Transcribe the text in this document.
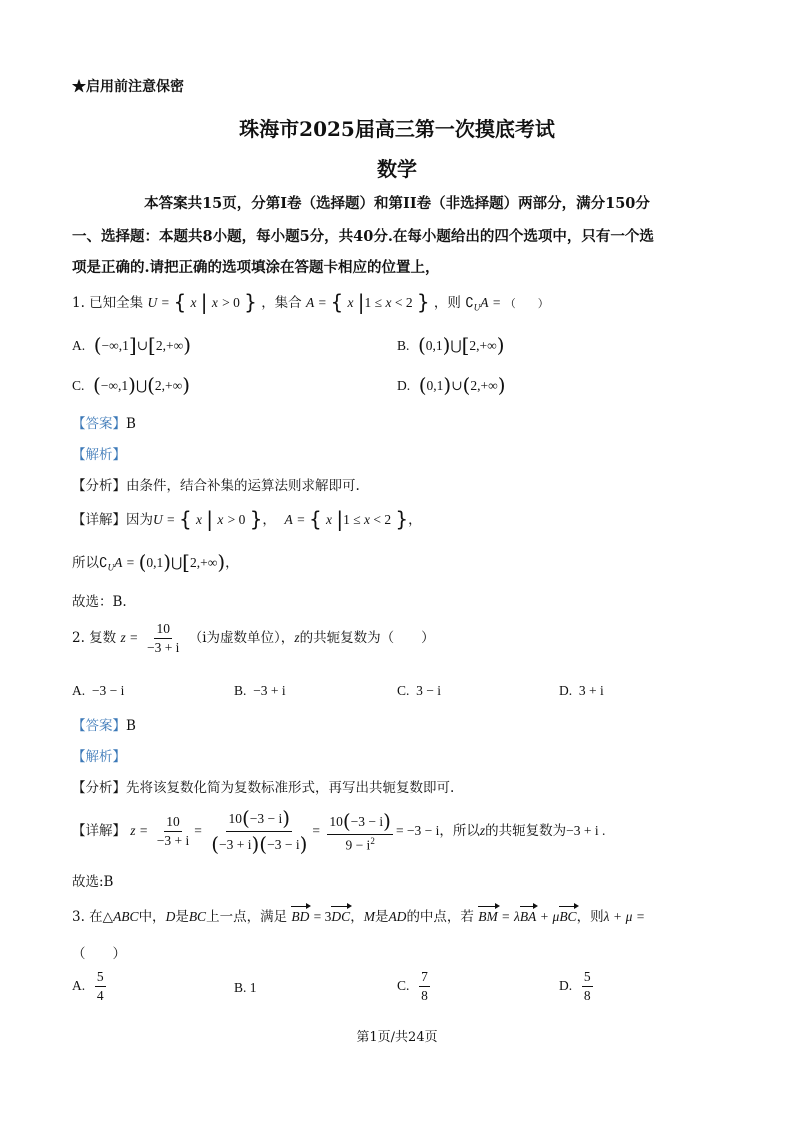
★启用前注意保密
珠海市2025届高三第一次摸底考试
数学
本答案共15页，分第I卷（选择题）和第II卷（非选择题）两部分，满分150分
一、选择题：本题共8小题，每小题5分，共40分.在每小题给出的四个选项中，只有一个选
项是正确的.请把正确的选项填涂在答题卡相应的位置上，
1. 已知全集 U = { x | x > 0 } ，集合 A = { x |1 ≤ x < 2 } ，则 $∁_UA$ = （　　）
A. (−∞,1]∪[2,+∞)	B. (0,1)⋃[2,+∞)
C. (−∞,1)⋃(2,+∞)	D. (0,1)∪(2,+∞)
【答案】B
【解析】
【分析】由条件，结合补集的运算法则求解即可.
【详解】因为U = { x | x > 0 }， A = { x |1 ≤ x < 2 }，
所以$∁_UA$ = (0,1)⋃[2,+∞)，
故选：B.
2. 复数 $z = \frac{10}{-3 + i} (i$为虚数单位），z的共轭复数为（　　）
A.  −3 − i	B.  −3 + i	C.  3 − i	D.  3 + i
【答案】B
【解析】
【分析】先将该复数化简为复数标准形式，再写出共轭复数即可.
【详解】 $z = \frac{10}{-3 + i} = \frac{10(-3 - i)}{(-3 + i)(-3 - i)} = \frac{10(-3 - i)}{9 - i^2} = -3 - i$，所以z的共轭复数为−3 + i .
故选:B
3. 在△ABC中，D是BC上一点，满足 BD = 3DC，M是AD的中点，若 BM = λBA + μBC，则λ + μ =
（　　）
A. $\frac{5}{4}$	B. 1	C. $\frac{7}{8}$	D. $\frac{5}{8}$
第1页/共24页
